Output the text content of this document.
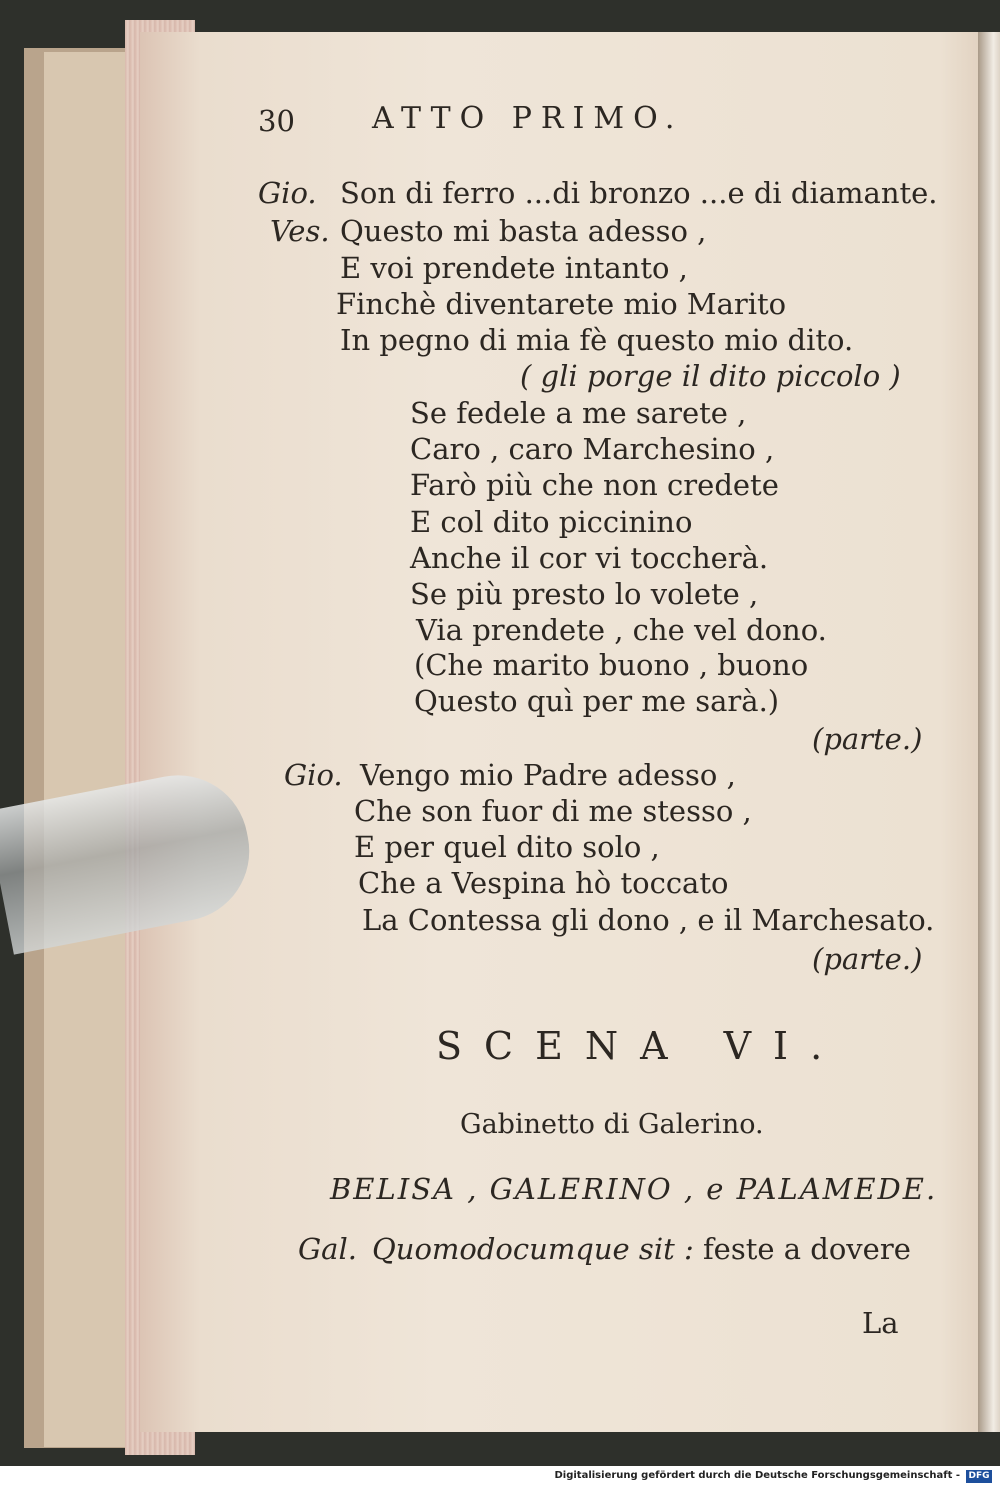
30	ATTO PRIMO.
Gio. Son di ferro ...di bronzo ...e di diamante.
Ves. Questo mi basta adesso ,
E voi prendete intanto ,
Finchè diventarete mio Marito
In pegno di mia fè questo mio dito.
( gli porge il dito piccolo )
Se fedele a me sarete ,
Caro , caro Marchesino ,
Farò più che non credete
E col dito piccinino
Anche il cor vi toccherà.
Se più presto lo volete ,
Via prendete , che vel dono.
(Che marito buono , buono
Questo quì per me sarà.)
(parte.)
Gio. Vengo mio Padre adesso ,
Che son fuor di me stesso ,
E per quel dito solo ,
Che a Vespina hò toccato
La Contessa gli dono , e il Marchesato.
(parte.)
SCENA VI.
Gabinetto di Galerino.
BELISA , GALERINO , e PALAMEDE.
Gal. Quomodocumque sit : feste a dovere
La
Digitalisierung gefördert durch die Deutsche Forschungsgemeinschaft - DFG
